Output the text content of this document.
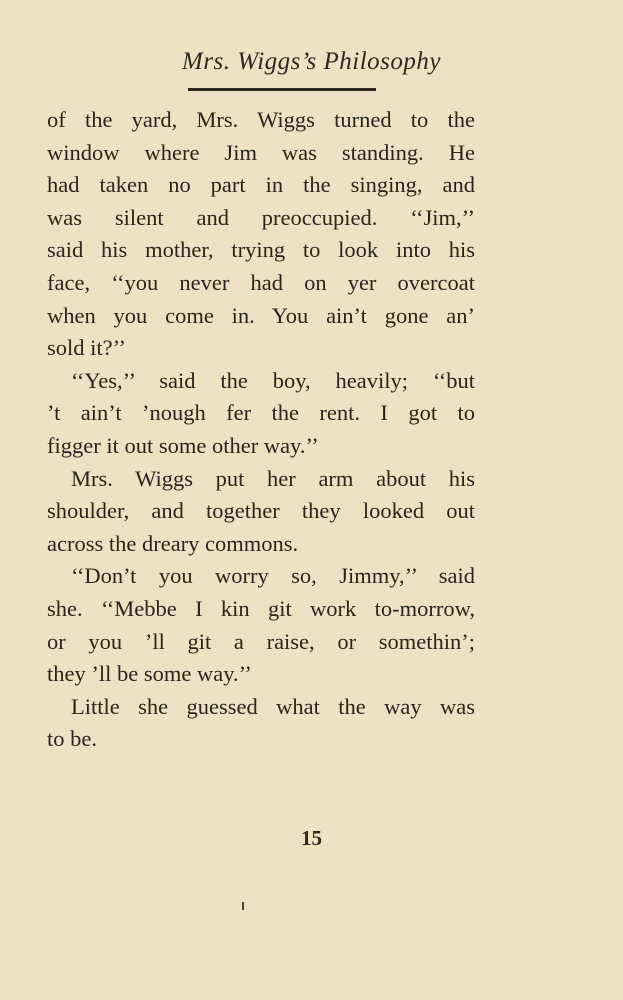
Mrs. Wiggs’s Philosophy
of the yard, Mrs. Wiggs turned to the
window where Jim was standing. He
had taken no part in the singing, and
was silent and preoccupied. ‘‘Jim,’’
said his mother, trying to look into his
face, ‘‘you never had on yer overcoat
when you come in. You ain’t gone an’
sold it?’’
‘‘Yes,’’ said the boy, heavily; ‘‘but
’t ain’t ’nough fer the rent. I got to
figger it out some other way.’’
Mrs. Wiggs put her arm about his
shoulder, and together they looked out
across the dreary commons.
‘‘Don’t you worry so, Jimmy,’’ said
she. ‘‘Mebbe I kin git work to-morrow,
or you ’ll git a raise, or somethin’;
they ’ll be some way.’’
Little she guessed what the way was
to be.
15
